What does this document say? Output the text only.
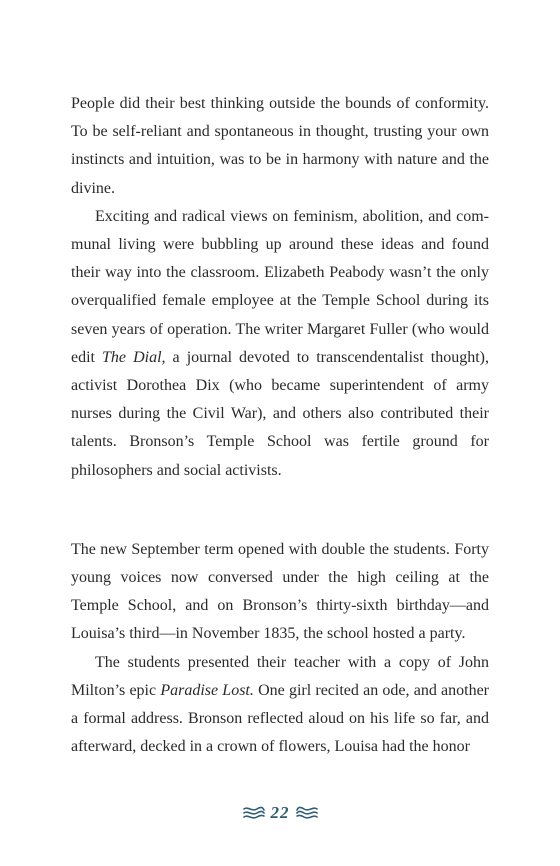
People did their best thinking outside the bounds of conformity. To be self-reliant and spontaneous in thought, trusting your own instincts and intuition, was to be in harmony with nature and the divine.

Exciting and radical views on feminism, abolition, and communal living were bubbling up around these ideas and found their way into the classroom. Elizabeth Peabody wasn’t the only overqualified female employee at the Temple School during its seven years of operation. The writer Margaret Fuller (who would edit The Dial, a journal devoted to transcendentalist thought), activist Dorothea Dix (who became superintendent of army nurses during the Civil War), and others also contributed their talents. Bronson’s Temple School was fertile ground for philosophers and social activists.

The new September term opened with double the students. Forty young voices now conversed under the high ceiling at the Temple School, and on Bronson’s thirty-sixth birthday—and Louisa’s third—in November 1835, the school hosted a party.

The students presented their teacher with a copy of John Milton’s epic Paradise Lost. One girl recited an ode, and another a formal address. Bronson reflected aloud on his life so far, and afterward, decked in a crown of flowers, Louisa had the honor

22
